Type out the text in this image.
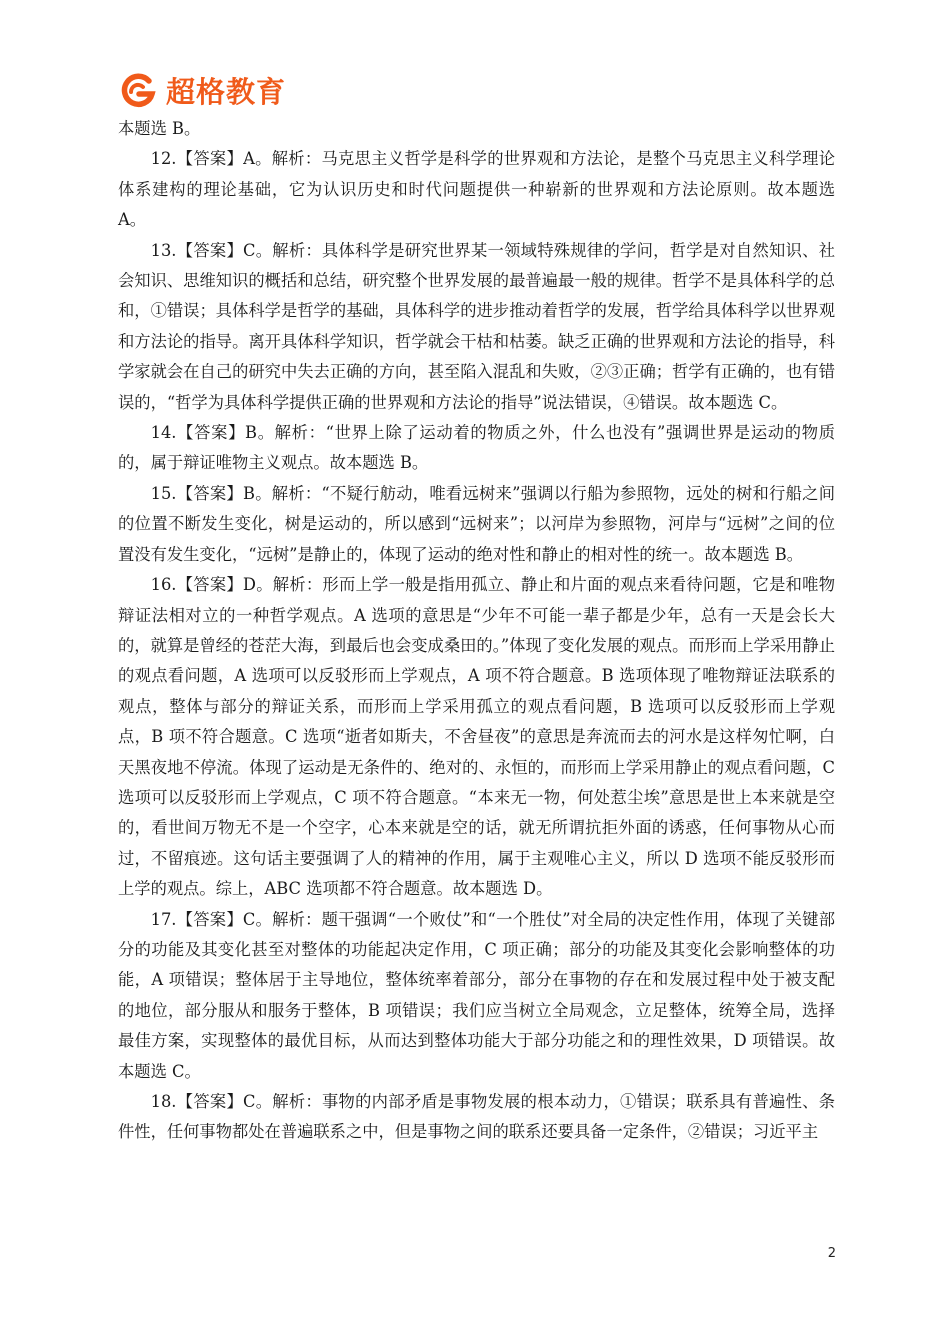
超格教育

本题选 B。

12.【答案】A。解析：马克思主义哲学是科学的世界观和方法论，是整个马克思主义科学理论体系建构的理论基础，它为认识历史和时代问题提供一种崭新的世界观和方法论原则。故本题选 A。

13.【答案】C。解析：具体科学是研究世界某一领域特殊规律的学问，哲学是对自然知识、社会知识、思维知识的概括和总结，研究整个世界发展的最普遍最一般的规律。哲学不是具体科学的总和，①错误；具体科学是哲学的基础，具体科学的进步推动着哲学的发展，哲学给具体科学以世界观和方法论的指导。离开具体科学知识，哲学就会干枯和枯萎。缺乏正确的世界观和方法论的指导，科学家就会在自己的研究中失去正确的方向，甚至陷入混乱和失败，②③正确；哲学有正确的，也有错误的，“哲学为具体科学提供正确的世界观和方法论的指导”说法错误，④错误。故本题选 C。

14.【答案】B。解析：“世界上除了运动着的物质之外，什么也没有”强调世界是运动的物质的，属于辩证唯物主义观点。故本题选 B。

15.【答案】B。解析：“不疑行舫动，唯看远树来”强调以行船为参照物，远处的树和行船之间的位置不断发生变化，树是运动的，所以感到“远树来”；以河岸为参照物，河岸与“远树”之间的位置没有发生变化，“远树”是静止的，体现了运动的绝对性和静止的相对性的统一。故本题选 B。

16.【答案】D。解析：形而上学一般是指用孤立、静止和片面的观点来看待问题，它是和唯物辩证法相对立的一种哲学观点。A 选项的意思是“少年不可能一辈子都是少年，总有一天是会长大的，就算是曾经的苍茫大海，到最后也会变成桑田的。”体现了变化发展的观点。而形而上学采用静止的观点看问题，A 选项可以反驳形而上学观点，A 项不符合题意。B 选项体现了唯物辩证法联系的观点，整体与部分的辩证关系，而形而上学采用孤立的观点看问题，B 选项可以反驳形而上学观点，B 项不符合题意。C 选项“逝者如斯夫，不舍昼夜”的意思是奔流而去的河水是这样匆忙啊，白天黑夜地不停流。体现了运动是无条件的、绝对的、永恒的，而形而上学采用静止的观点看问题，C 选项可以反驳形而上学观点，C 项不符合题意。“本来无一物，何处惹尘埃”意思是世上本来就是空的，看世间万物无不是一个空字，心本来就是空的话，就无所谓抗拒外面的诱惑，任何事物从心而过，不留痕迹。这句话主要强调了人的精神的作用，属于主观唯心主义，所以 D 选项不能反驳形而上学的观点。综上，ABC 选项都不符合题意。故本题选 D。

17.【答案】C。解析：题干强调“一个败仗”和“一个胜仗”对全局的决定性作用，体现了关键部分的功能及其变化甚至对整体的功能起决定作用，C 项正确；部分的功能及其变化会影响整体的功能，A 项错误；整体居于主导地位，整体统率着部分，部分在事物的存在和发展过程中处于被支配的地位，部分服从和服务于整体，B 项错误；我们应当树立全局观念，立足整体，统筹全局，选择最佳方案，实现整体的最优目标，从而达到整体功能大于部分功能之和的理性效果，D 项错误。故本题选 C。

18.【答案】C。解析：事物的内部矛盾是事物发展的根本动力，①错误；联系具有普遍性、条件性，任何事物都处在普遍联系之中，但是事物之间的联系还要具备一定条件，②错误；习近平主

2
